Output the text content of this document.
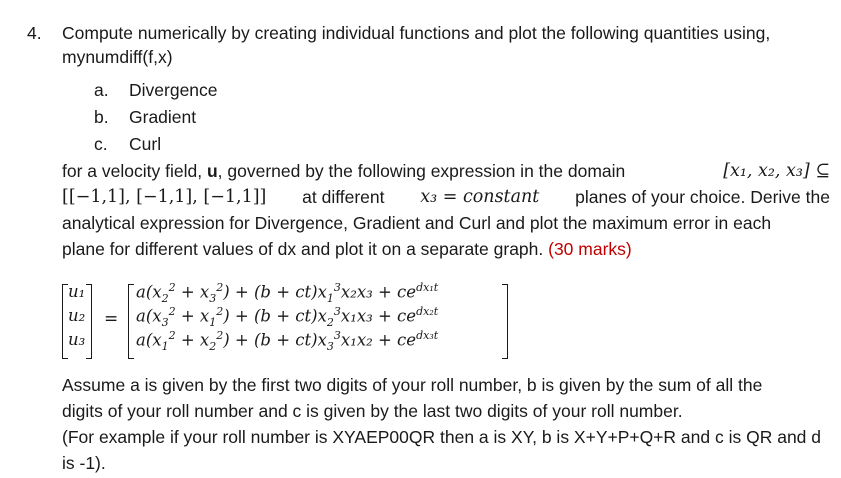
4. Compute numerically by creating individual functions and plot the following quantities using,
mynumdiff(f,x)
a. Divergence
b. Gradient
c. Curl
for a velocity field, u, governed by the following expression in the domain	[x₁, x₂, x₃] ⊆
[[−1,1], [−1,1], [−1,1]] at different x₃ = constant planes of your choice. Derive the
analytical expression for Divergence, Gradient and Curl and plot the maximum error in each
plane for different values of dx and plot it on a separate graph. (30 marks)
u₁
u₂
u₃
=
$a(x_2^2 + x_3^2) + (b + ct)x_1^3x_2x_3 + ce^{dx_1t}$
$a(x_3^2 + x_1^2) + (b + ct)x_2^3x_1x_3 + ce^{dx_2t}$
$a(x_1^2 + x_2^2) + (b + ct)x_3^3x_1x_2 + ce^{dx_3t}$
Assume a is given by the first two digits of your roll number, b is given by the sum of all the
digits of your roll number and c is given by the last two digits of your roll number.
(For example if your roll number is XYAEP00QR then a is XY, b is X+Y+P+Q+R and c is QR and d
is -1).
